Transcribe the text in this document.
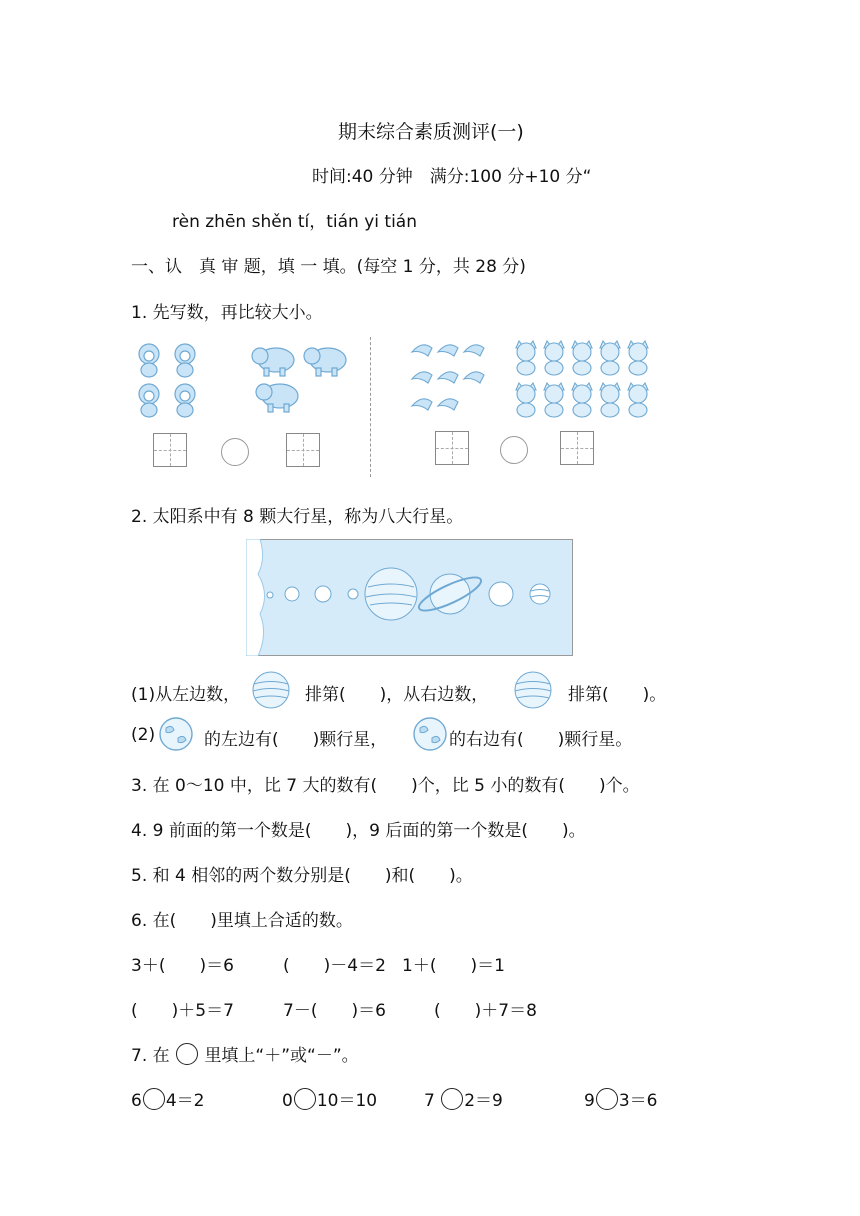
期末综合素质测评(一)
时间:40 分钟　满分:100 分+10 分“
rèn zhēn shěn tí，tián yi tián
一、认　真 审 题，填 一 填。(每空 1 分，共 28 分)
1. 先写数，再比较大小。
2. 太阳系中有 8 颗大行星，称为八大行星。
(1)从左边数，	排第(　　)，从右边数，	排第(　　)。
(2)	的左边有(　　)颗行星，	的右边有(　　)颗行星。
3. 在 0～10 中，比 7 大的数有(　　)个，比 5 小的数有(　　)个。
4. 9 前面的第一个数是(　　)，9 后面的第一个数是(　　)。
5. 和 4 相邻的两个数分别是(　　)和(　　)。
6. 在(　　)里填上合适的数。
3＋(　　)＝6	(　　)－4＝2 1＋(　　)＝1
(　　)＋5＝7	7－(　　)＝6	(　　)＋7＝8
7. 在 里填上“＋”或“－”。
6 4＝2	0 10＝10	7 2＝9	9 3＝6
